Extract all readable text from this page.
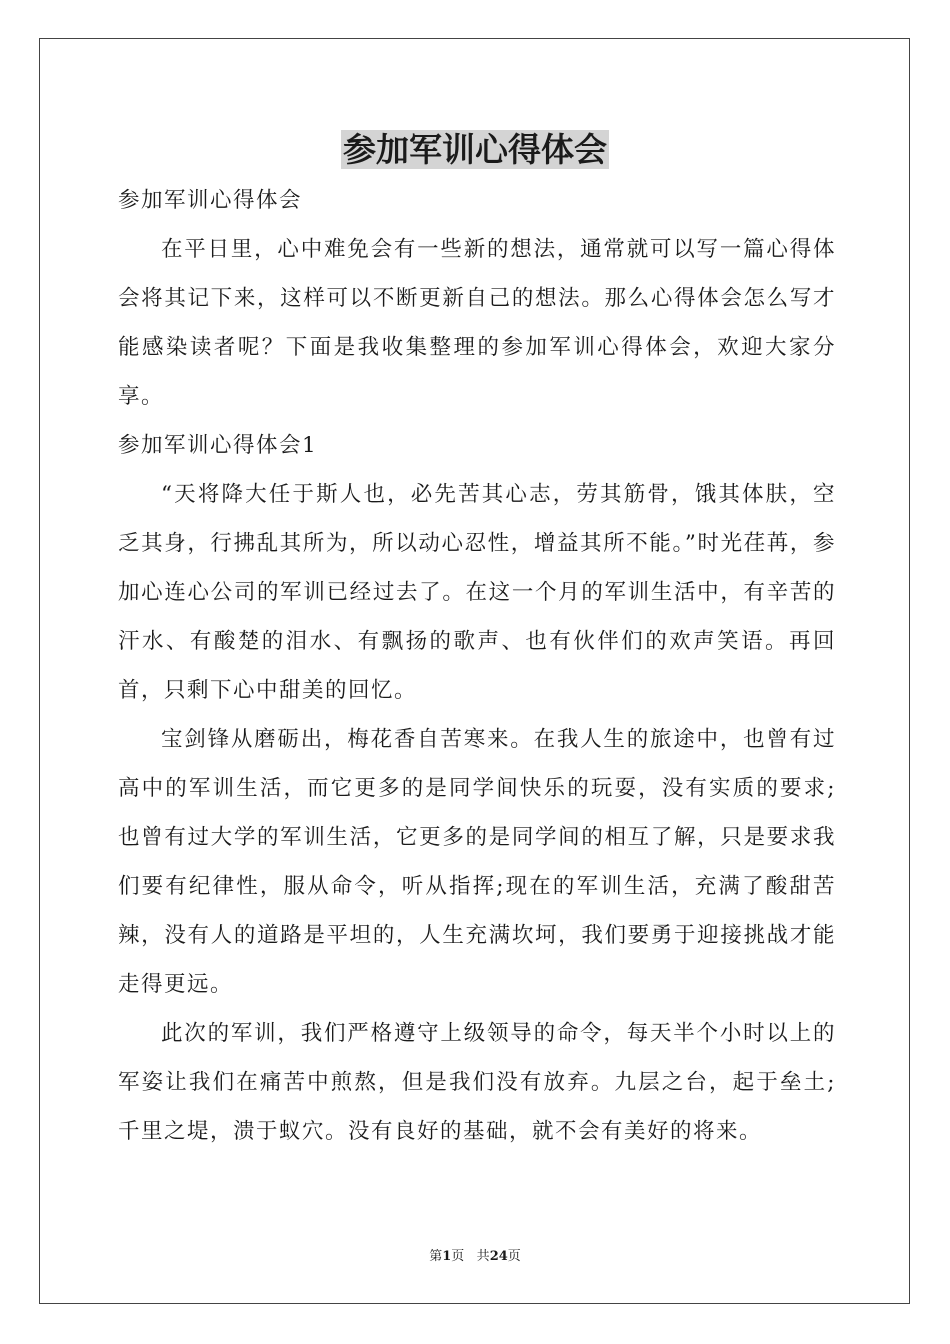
参加军训心得体会

参加军训心得体会

在平日里，心中难免会有一些新的想法，通常就可以写一篇心得体会将其记下来，这样可以不断更新自己的想法。那么心得体会怎么写才能感染读者呢？下面是我收集整理的参加军训心得体会，欢迎大家分享。

参加军训心得体会1

“天将降大任于斯人也，必先苦其心志，劳其筋骨，饿其体肤，空乏其身，行拂乱其所为，所以动心忍性，增益其所不能。”时光荏苒，参加心连心公司的军训已经过去了。在这一个月的军训生活中，有辛苦的汗水、有酸楚的泪水、有飘扬的歌声、也有伙伴们的欢声笑语。再回首，只剩下心中甜美的回忆。

宝剑锋从磨砺出，梅花香自苦寒来。在我人生的旅途中，也曾有过高中的军训生活，而它更多的是同学间快乐的玩耍，没有实质的要求;也曾有过大学的军训生活，它更多的是同学间的相互了解，只是要求我们要有纪律性，服从命令，听从指挥;现在的军训生活，充满了酸甜苦辣，没有人的道路是平坦的，人生充满坎坷，我们要勇于迎接挑战才能走得更远。

此次的军训，我们严格遵守上级领导的命令，每天半个小时以上的军姿让我们在痛苦中煎熬，但是我们没有放弃。九层之台，起于垒土;千里之堤，溃于蚁穴。没有良好的基础，就不会有美好的将来。

第1页 共24页
